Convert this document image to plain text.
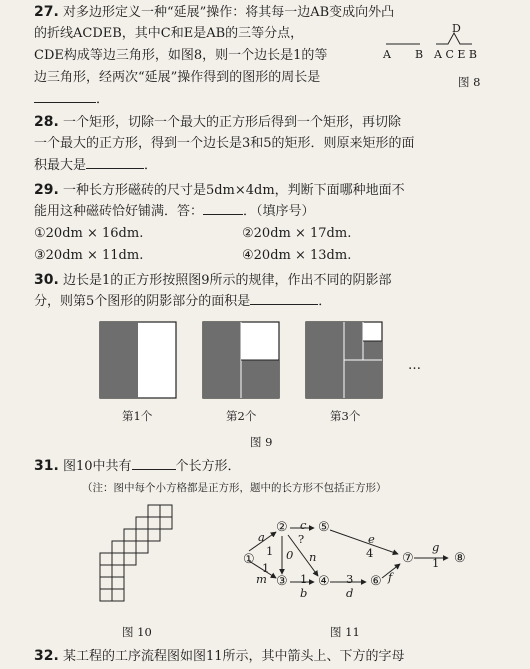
27. 对多边形定义一种“延展”操作：将其每一边AB变成向外凸
的折线ACDEB，其中C和E是AB的三等分点，
CDE构成等边三角形，如图8，则一个边长是1的等
边三角形，经两次“延展”操作得到的图形的周长是
．
A B
D
A C E B
图 8
28. 一个矩形，切除一个最大的正方形后得到一个矩形，再切除
一个最大的正方形，得到一个边长是3和5的矩形．则原来矩形的面
积最大是	．
29. 一种长方形磁砖的尺寸是5dm×4dm，判断下面哪种地面不
能用这种磁砖恰好铺满．答：	．（填序号）
①20dm × 16dm.	②20dm × 17dm.
③20dm × 11dm.	④20dm × 13dm.
30. 边长是1的正方形按照图9所示的规律，作出不同的阴影部
分，则第5个图形的阴影部分的面积是	．
…
第1个	第2个	第3个
图 9
31. 图10中共有	个长方形．
（注：图中每个小方格都是正方形，题中的长方形不包括正方形）
图 10
①
②
③ ④
⑤
⑥
⑦	⑧
a
1
c
?
0 n
1
m	1
b
3
d
e
4
f
g
1
图 11
32. 某工程的工序流程图如图11所示，其中箭头上、下方的字母
